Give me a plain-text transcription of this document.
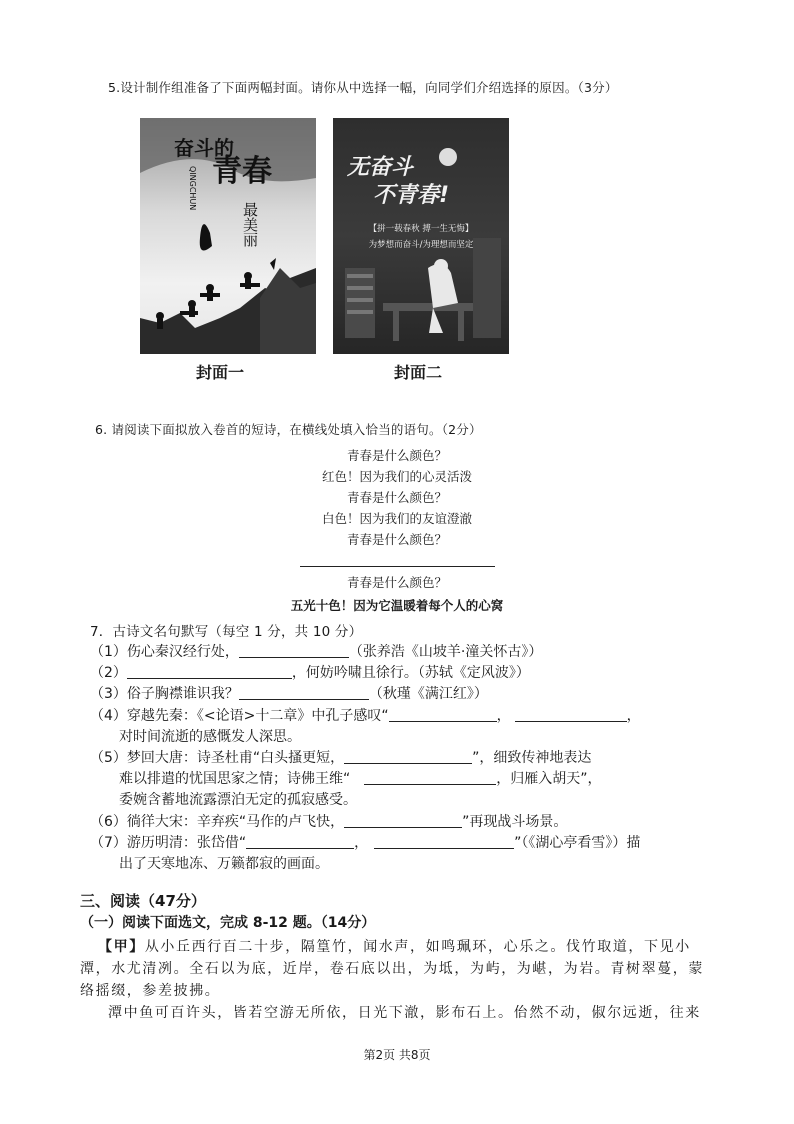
5.设计制作组准备了下面两幅封面。请你从中选择一幅，向同学们介绍选择的原因。（3分）
奋斗的
青春
最美丽
QINGCHUN
封面一
无奋斗
不青春!
【拼一载春秋 搏一生无悔】
为梦想而奋斗/为理想而坚定
封面二
6. 请阅读下面拟放入卷首的短诗，在横线处填入恰当的语句。（2分）
青春是什么颜色？
红色！因为我们的心灵活泼
青春是什么颜色？
白色！因为我们的友谊澄澈
青春是什么颜色？
青春是什么颜色？
五光十色！因为它温暖着每个人的心窝
7．古诗文名句默写（每空 1 分，共 10 分）
（1）伤心秦汉经行处，	（张养浩《山坡羊·潼关怀古》）
（2）	，何妨吟啸且徐行。（苏轼《定风波》）
（3）俗子胸襟谁识我？	（秋瑾《满江红》）
（4）穿越先秦：《<论语>十二章》中孔子感叹“	，	，
对时间流逝的感慨发人深思。
（5）梦回大唐：诗圣杜甫“白头搔更短，	”，细致传神地表达
难以排遣的忧国思家之情；诗佛王维“	，归雁入胡天”，
委婉含蓄地流露漂泊无定的孤寂感受。
（6）徜徉大宋：辛弃疾“马作的卢飞快，	”再现战斗场景。
（7）游历明清：张岱借“	，	”（《湖心亭看雪》）描
出了天寒地冻、万籁都寂的画面。
三、阅读（47分）
（一）阅读下面选文，完成 8-12 题。（14分）
【甲】从小丘西行百二十步，隔篁竹，闻水声，如鸣珮环，心乐之。伐竹取道，下见小
潭，水尤清冽。全石以为底，近岸，卷石底以出，为坻，为屿，为嵁，为岩。青树翠蔓，蒙
络摇缀，参差披拂。
潭中鱼可百许头，皆若空游无所依，日光下澈，影布石上。佁然不动，俶尔远逝，往来
第2页 共8页
